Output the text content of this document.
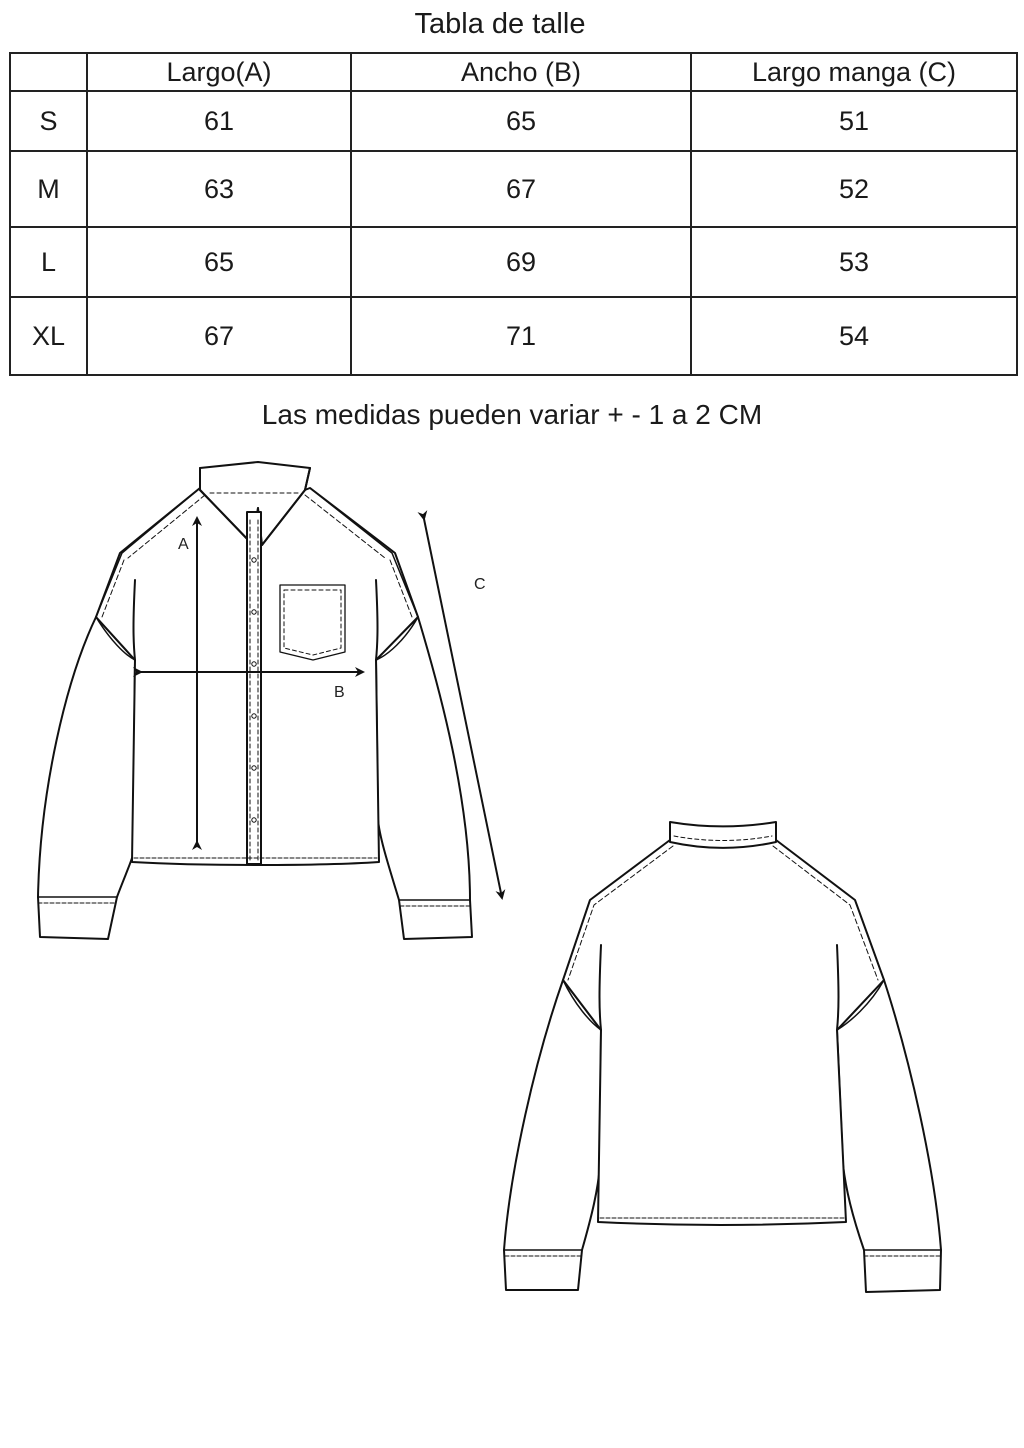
Tabla de talle
	Largo(A)	Ancho (B)	Largo manga (C)
S	61	65	51
M	63	67	52
L	65	69	53
XL	67	71	54
Las medidas pueden variar + - 1 a 2 CM
A
B
C
